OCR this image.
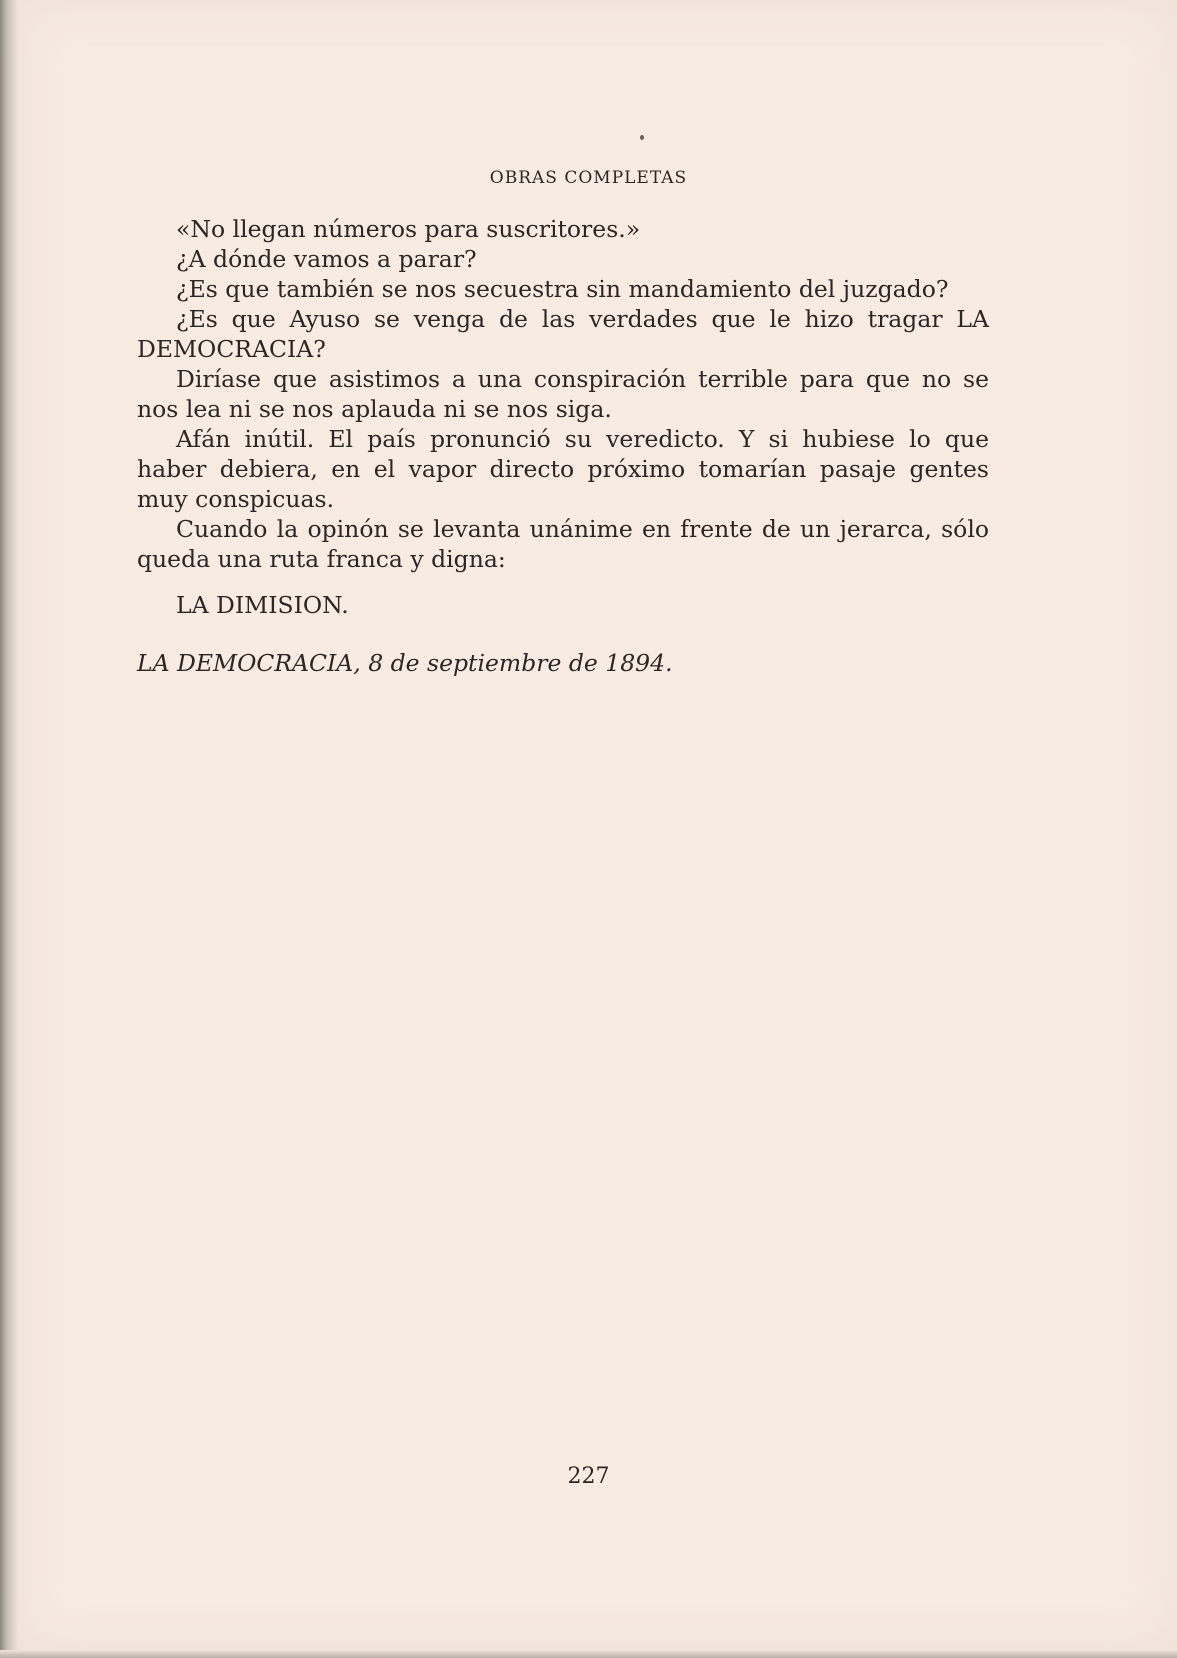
OBRAS COMPLETAS

«No llegan números para suscritores.»

¿A dónde vamos a parar?

¿Es que también se nos secuestra sin mandamiento del juzgado?

¿Es que Ayuso se venga de las verdades que le hizo tragar LA DEMOCRACIA?

Diríase que asistimos a una conspiración terrible para que no se nos lea ni se nos aplauda ni se nos siga.

Afán inútil. El país pronunció su veredicto. Y si hubiese lo que haber debiera, en el vapor directo próximo tomarían pasaje gentes muy conspicuas.

Cuando la opinón se levanta unánime en frente de un jerarca, sólo queda una ruta franca y digna:

LA DIMISION.

LA DEMOCRACIA, 8 de septiembre de 1894.

227
